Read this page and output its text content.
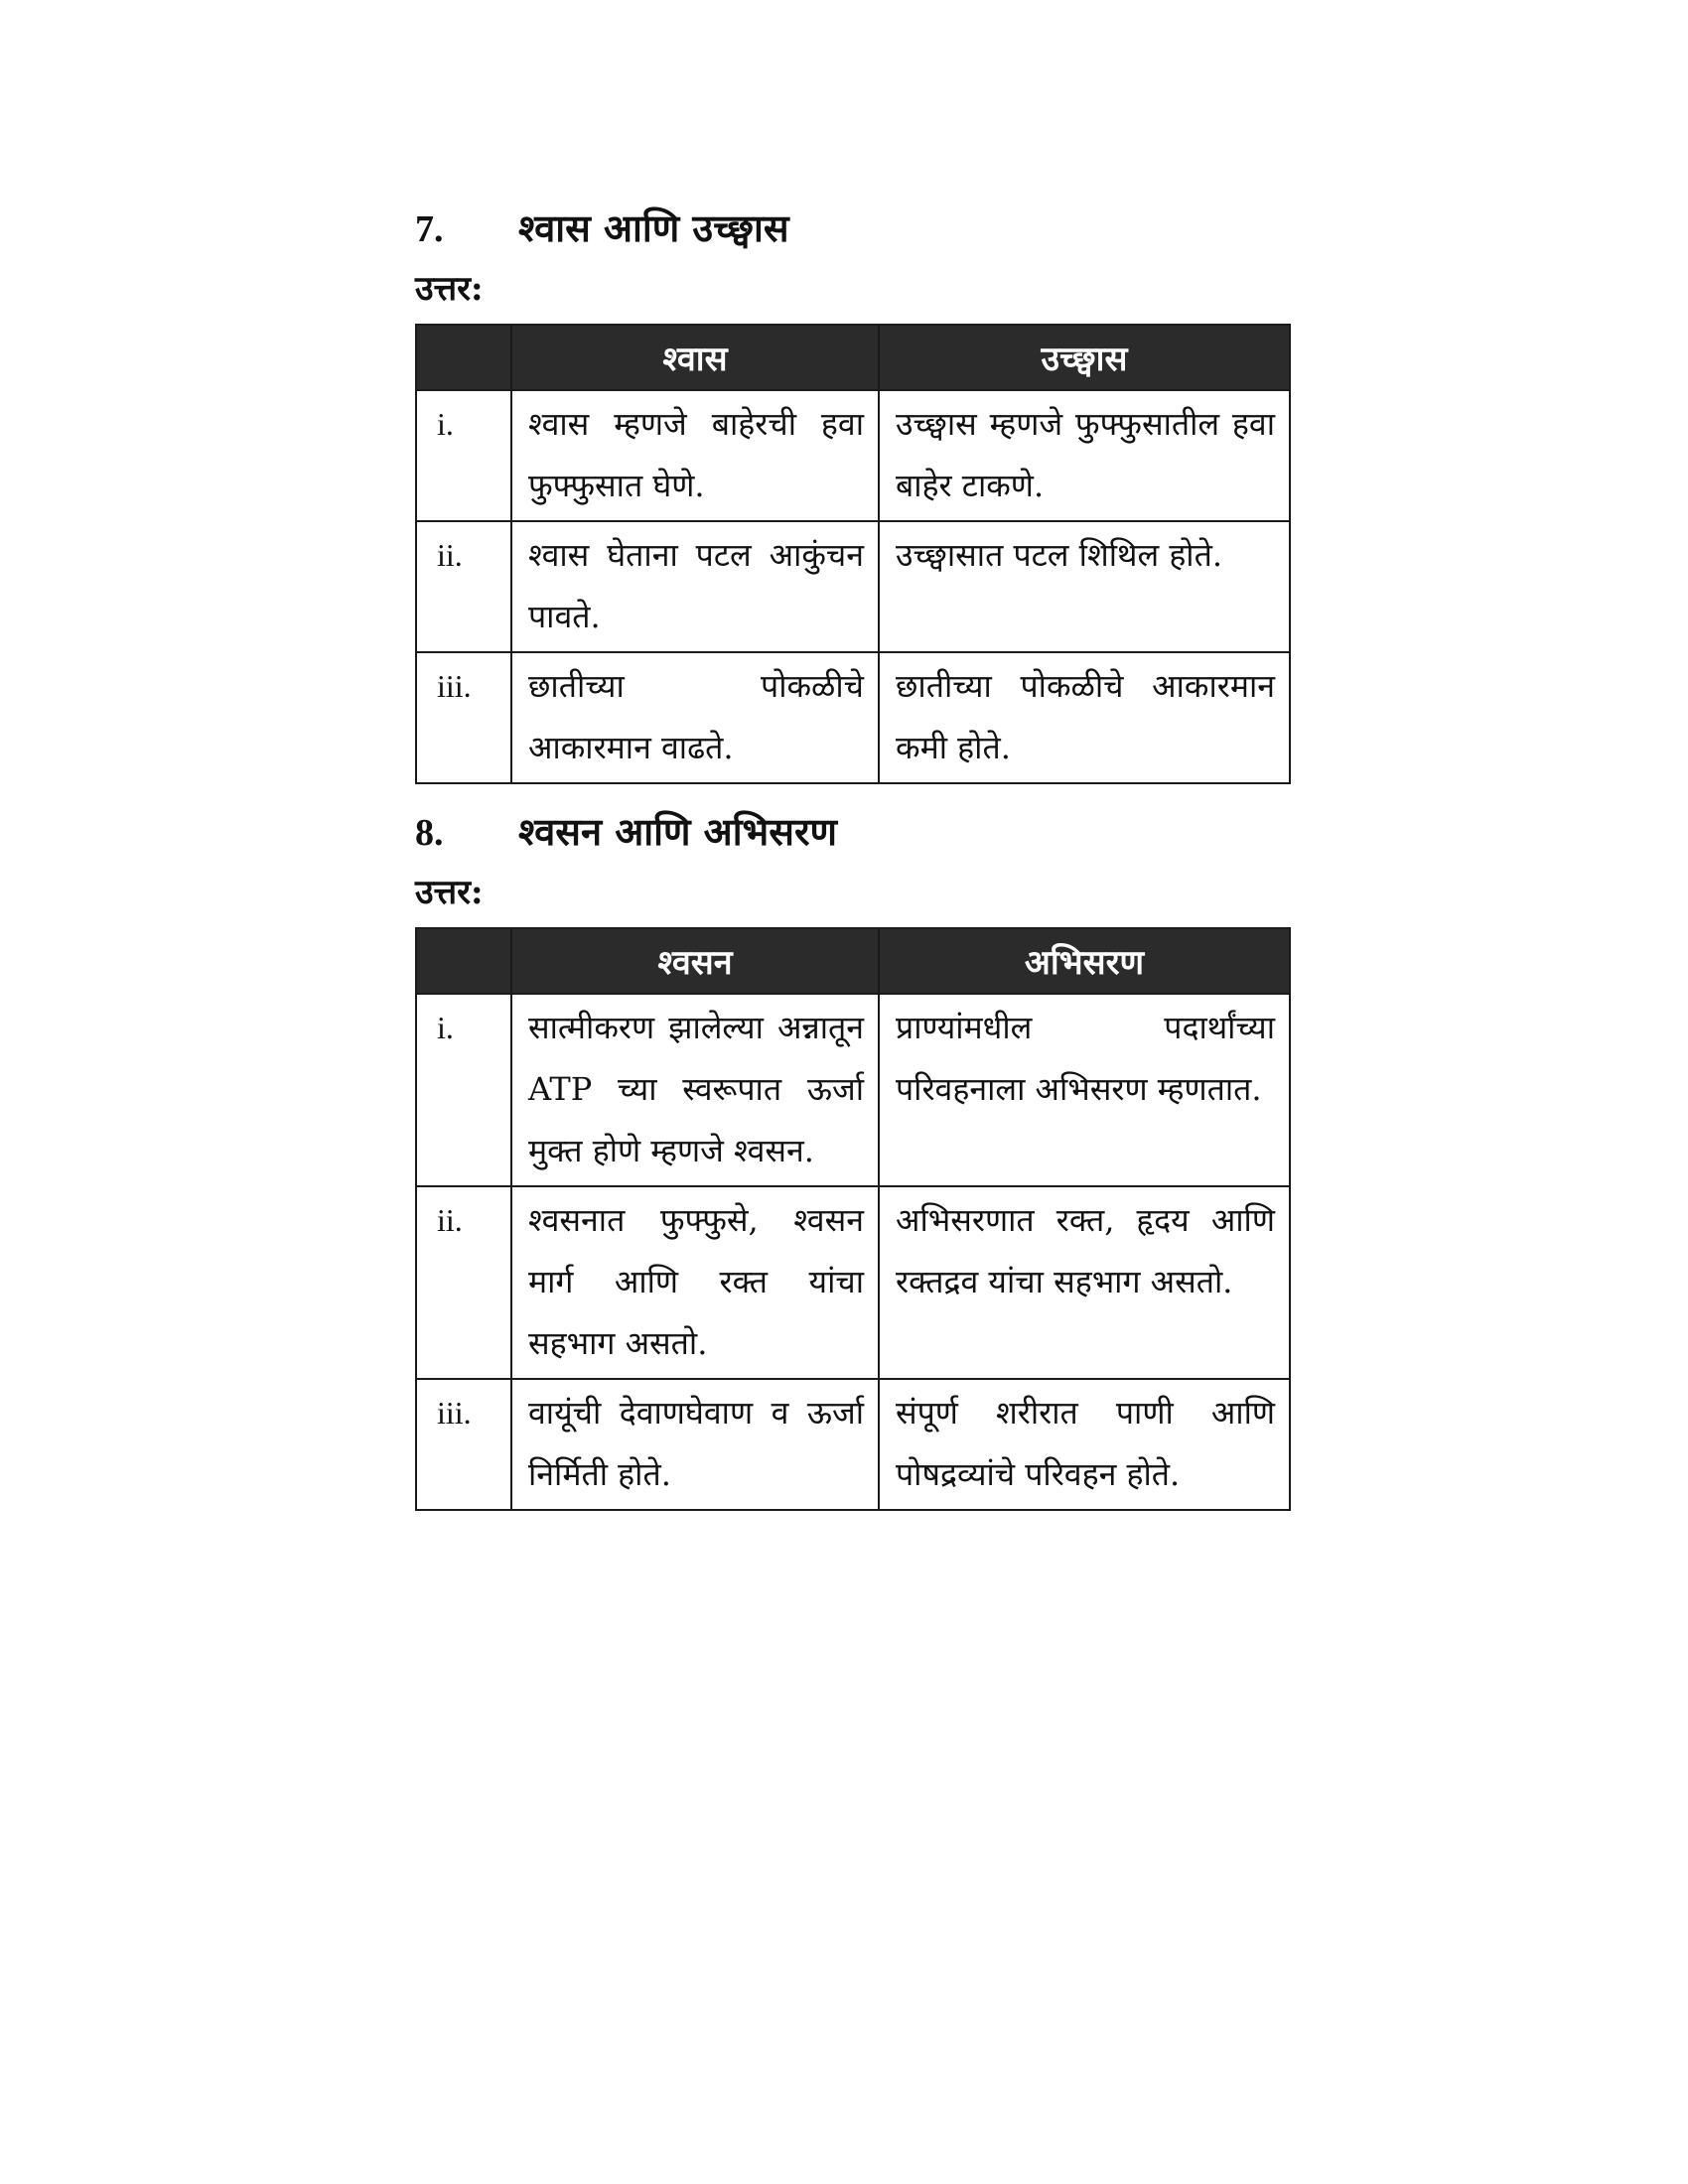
7.	श्वास आणि उच्छ्वास
उत्तर:
	श्वास	उच्छ्वास
i.	श्वास म्हणजे बाहेरची हवा फुफ्फुसात घेणे.	उच्छ्वास म्हणजे फुफ्फुसातील हवा बाहेर टाकणे.
ii.	श्वास घेताना पटल आकुंचन पावते.	उच्छ्वासात पटल शिथिल होते.
iii.	छातीच्या पोकळीचे आकारमान वाढते.	छातीच्या पोकळीचे आकारमान कमी होते.
8.	श्वसन आणि अभिसरण
उत्तर:
	श्वसन	अभिसरण
i.	सात्मीकरण झालेल्या अन्नातून ATP च्या स्वरूपात ऊर्जा मुक्त होणे म्हणजे श्वसन.	प्राण्यांमधील पदार्थांच्या परिवहनाला अभिसरण म्हणतात.
ii.	श्वसनात फुफ्फुसे, श्वसन मार्ग आणि रक्त यांचा सहभाग असतो.	अभिसरणात रक्त, हृदय आणि रक्तद्रव यांचा सहभाग असतो.
iii.	वायूंची देवाणघेवाण व ऊर्जा निर्मिती होते.	संपूर्ण शरीरात पाणी आणि पोषद्रव्यांचे परिवहन होते.
